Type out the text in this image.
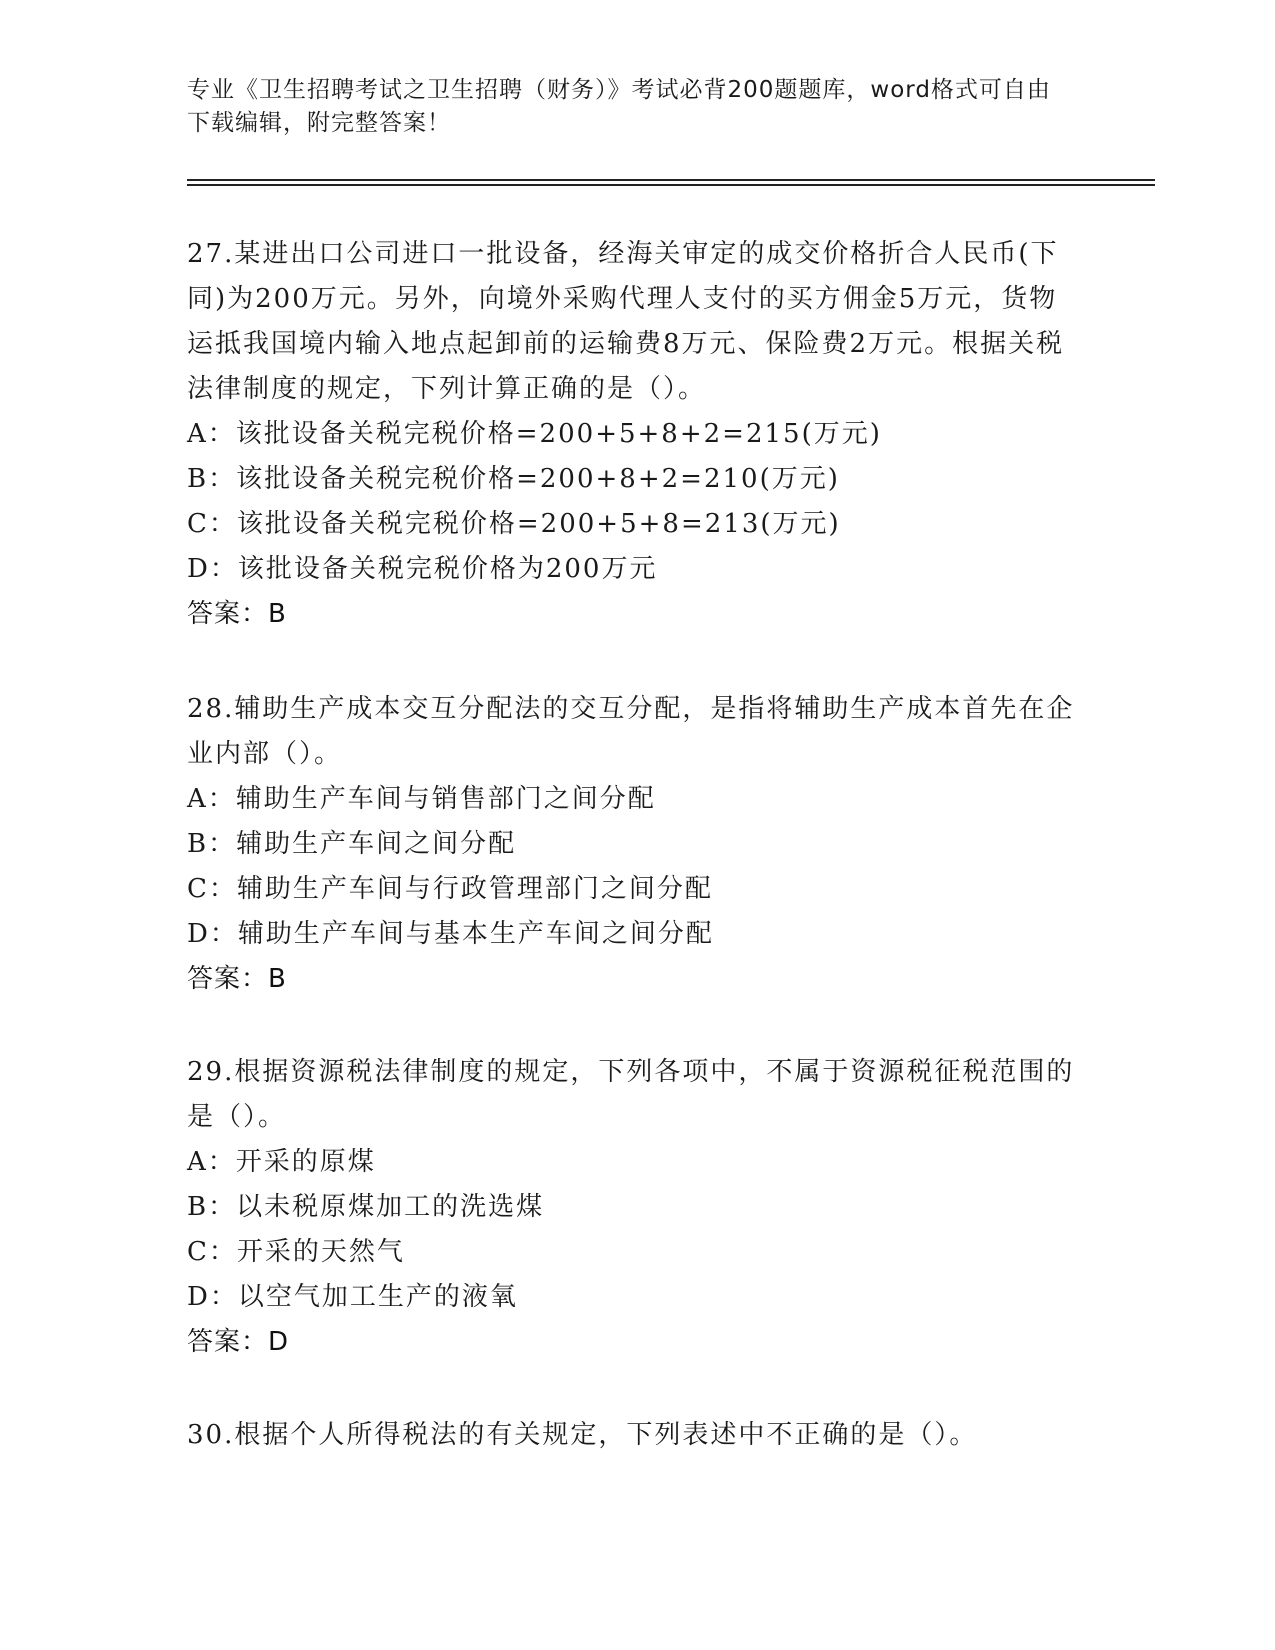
专业《卫生招聘考试之卫生招聘（财务）》考试必背200题题库，word格式可自由下载编辑，附完整答案！
27.某进出口公司进口一批设备，经海关审定的成交价格折合人民币(下同)为200万元。另外，向境外采购代理人支付的买方佣金5万元，货物运抵我国境内输入地点起卸前的运输费8万元、保险费2万元。根据关税法律制度的规定，下列计算正确的是（）。
A：该批设备关税完税价格=200+5+8+2=215(万元)
B：该批设备关税完税价格=200+8+2=210(万元)
C：该批设备关税完税价格=200+5+8=213(万元)
D：该批设备关税完税价格为200万元
答案：B
28.辅助生产成本交互分配法的交互分配，是指将辅助生产成本首先在企业内部（）。
A：辅助生产车间与销售部门之间分配
B：辅助生产车间之间分配
C：辅助生产车间与行政管理部门之间分配
D：辅助生产车间与基本生产车间之间分配
答案：B
29.根据资源税法律制度的规定，下列各项中，不属于资源税征税范围的是（）。
A：开采的原煤
B：以未税原煤加工的洗选煤
C：开采的天然气
D：以空气加工生产的液氧
答案：D
30.根据个人所得税法的有关规定，下列表述中不正确的是（）。
